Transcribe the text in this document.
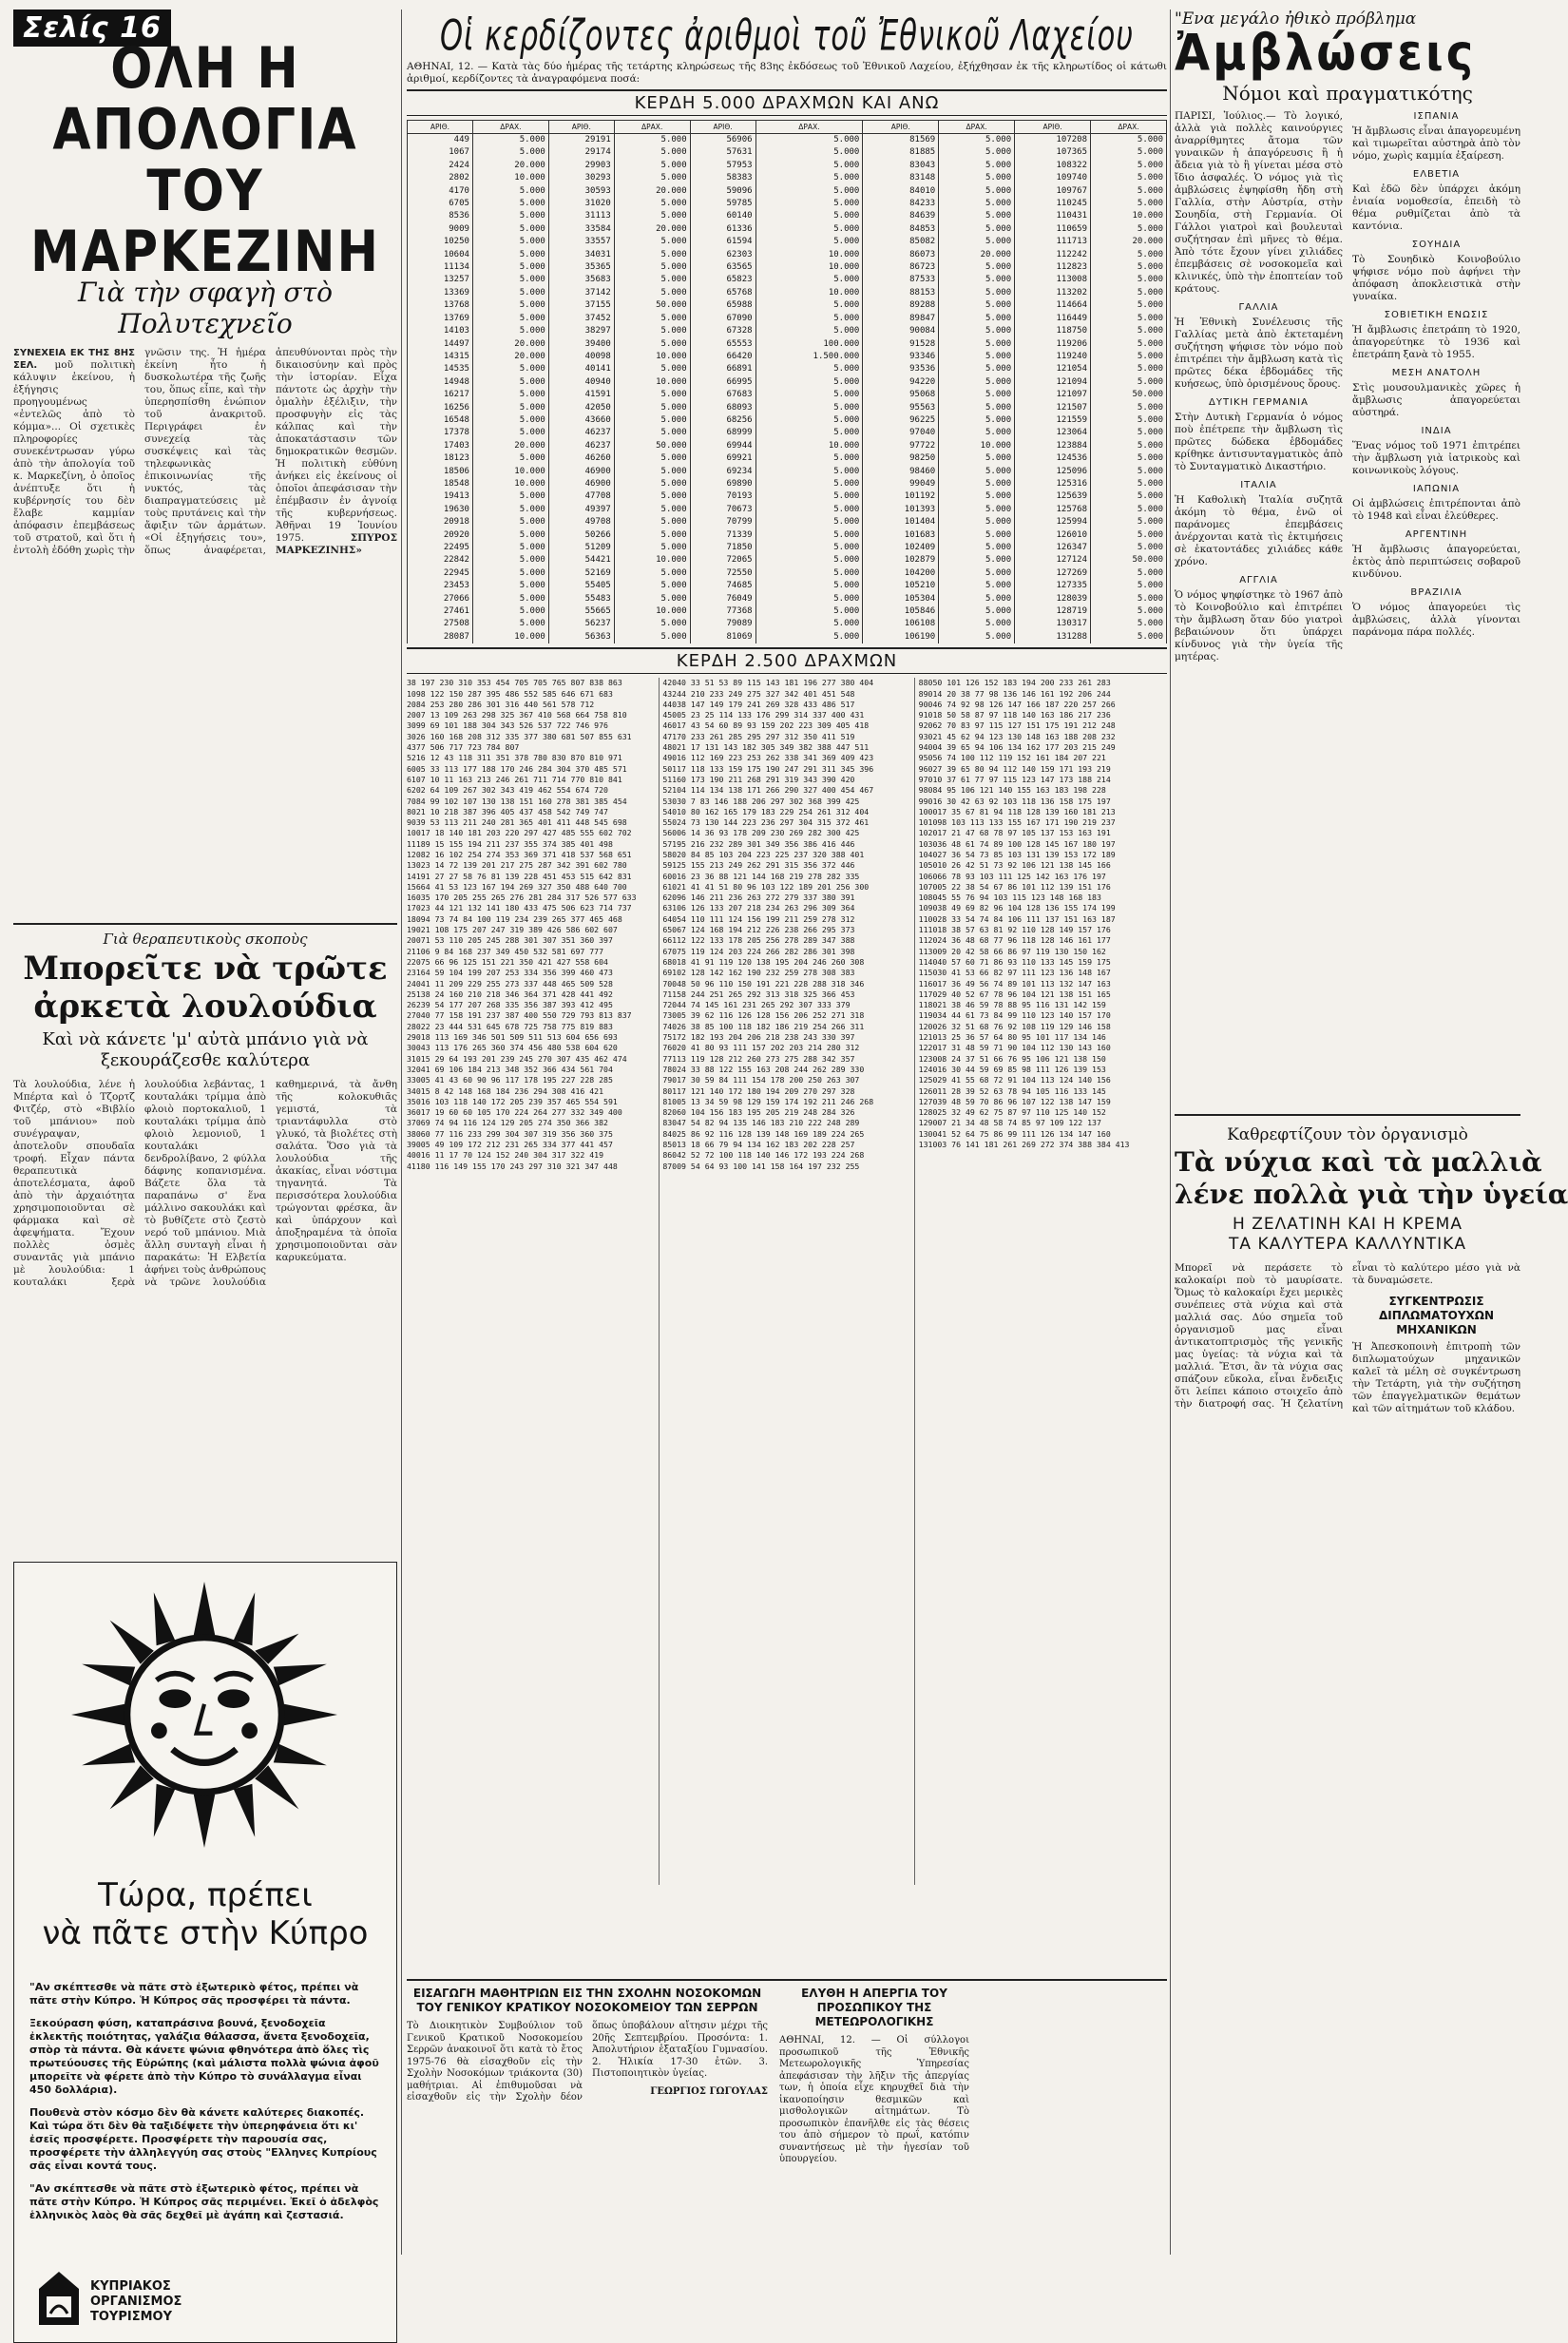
Σελίς 16
ΟΛΗ Η ΑΠΟΛΟΓΙΑ
ΤΟΥ ΜΑΡΚΕΖΙΝΗ
Γιὰ τὴν σφαγὴ στὸ Πολυτεχνεῖο
ΣΥΝΕΧΕΙΑ ΕΚ ΤΗΣ 8ΗΣ ΣΕΛ. μοῦ πολιτικὴ κάλυψιν ἐκείνου, ἡ ἐξήγησις προηγουμένως «ἐντελῶς ἀπὸ τὸ κόμμα»... Οἱ σχετικὲς πληροφορίες συνεκέντρωσαν γύρω ἀπὸ τὴν ἀπολογία τοῦ κ. Μαρκεζίνη, ὁ ὁποῖος ἀνέπτυξε ὅτι ἡ κυβέρνησίς του δὲν ἔλαβε καμμίαν ἀπόφασιν ἐπεμβάσεως τοῦ στρατοῦ, καὶ ὅτι ἡ ἐντολὴ ἐδόθη χωρὶς τὴν γνῶσιν της. Ἡ ἡμέρα ἐκείνη ἦτο ἡ δυσκολωτέρα τῆς ζωῆς του, ὅπως εἶπε, καὶ τὴν ὑπερησπίσθη ἐνώπιον τοῦ ἀνακριτοῦ. Περιγράφει ἐν συνεχείᾳ τὰς συσκέψεις καὶ τὰς τηλεφωνικὰς ἐπικοινωνίας τῆς νυκτός, τὰς διαπραγματεύσεις μὲ τοὺς πρυτάνεις καὶ τὴν ἄφιξιν τῶν ἀρμάτων. «Οἱ ἐξηγήσεις του», ὅπως ἀναφέρεται, ἀπευθύνονται πρὸς τὴν δικαιοσύνην καὶ πρὸς τὴν ἱστορίαν. Εἶχα πάντοτε ὡς ἀρχὴν τὴν ὁμαλὴν ἐξέλιξιν, τὴν προσφυγὴν εἰς τὰς κάλπας καὶ τὴν ἀποκατάστασιν τῶν δημοκρατικῶν θεσμῶν. Ἡ πολιτικὴ εὐθύνη ἀνήκει εἰς ἐκείνους οἱ ὁποῖοι ἀπεφάσισαν τὴν ἐπέμβασιν ἐν ἀγνοίᾳ τῆς κυβερνήσεως. Ἀθῆναι 19 Ἰουνίου 1975.	ΣΠΥΡΟΣ ΜΑΡΚΕΖΙΝΗΣ»
Γιὰ θεραπευτικοὺς σκοποὺς
Μπορεῖτε νὰ τρῶτε
ἀρκετὰ λουλούδια
Καὶ νὰ κάνετε 'μ' αὐτὰ μπάνιο γιὰ νὰ ξεκουράζεσθε καλύτερα
Τὰ λουλούδια, λένε ἡ Μπέρτα καὶ ὁ Τζορτζ Φιτζέρ, στὸ «Βιβλίο τοῦ μπάνιου» ποὺ συνέγραψαν, ἀποτελοῦν σπουδαῖα τροφή. Εἶχαν πάντα θεραπευτικὰ ἀποτελέσματα, ἀφοῦ ἀπὸ τὴν ἀρχαιότητα χρησιμοποιοῦνται σὲ φάρμακα καὶ σὲ ἀφεψήματα. Ἔχουν πολλὲς ὀσμὲς συναντᾶς γιὰ μπάνιο μὲ λουλούδια: 1 κουταλάκι ξερὰ λουλούδια λεβάντας, 1 κουταλάκι τρίμμα ἀπὸ φλοιὸ πορτοκαλιοῦ, 1 κουταλάκι τρίμμα ἀπὸ φλοιὸ λεμονιοῦ, 1 κουταλάκι δενδρολίβανο, 2 φύλλα δάφνης κοπανισμένα. Βάζετε ὅλα τὰ παραπάνω σ' ἕνα μάλλινο σακουλάκι καὶ τὸ βυθίζετε στὸ ζεστὸ νερό τοῦ μπάνιου. Μιὰ ἄλλη συνταγὴ εἶναι ἡ παρακάτω: Ἡ Ελβετία ἀφήνει τοὺς ἀνθρώπους νὰ τρῶνε λουλούδια καθημερινά, τὰ ἄνθη τῆς κολοκυθιᾶς γεμιστά, τὰ τριαντάφυλλα στὸ γλυκό, τὰ βιολέτες στὴ σαλάτα. Ὅσο γιὰ τὰ λουλούδια τῆς ἀκακίας, εἶναι νόστιμα τηγανητά. Τὰ περισσότερα λουλούδια τρώγονται φρέσκα, ἂν καὶ ὑπάρχουν καὶ ἀποξηραμένα τὰ ὁποῖα χρησιμοποιοῦνται σὰν καρυκεύματα.
Τώρα, πρέπει
νὰ πᾶτε στὴν Κύπρο

"Αν σκέπτεσθε νὰ πᾶτε στὸ ἐξωτερικὸ φέτος, πρέπει νὰ πᾶτε στὴν Κύπρο. Ἡ Κύπρος σᾶς προσφέρει τὰ πάντα.

Ξεκούραση φύση, καταπράσινα βουνά, ξενοδοχεῖα ἐκλεκτῆς ποιότητας, γαλάζια θάλασσα, ἄνετα ξενοδοχεῖα, σπὸρ τὰ πάντα. Θὰ κάνετε ψώνια φθηνότερα ἀπὸ ὅλες τὶς πρωτεύουσες τῆς Εὐρώπης (καὶ μάλιστα πολλὰ ψώνια ἀφοῦ μπορεῖτε νὰ φέρετε ἀπὸ τὴν Κύπρο τὸ συνάλλαγμα εἶναι 450 δολλάρια).

Πουθενὰ στὸν κόσμο δὲν θὰ κάνετε καλύτερες διακοπές. Καὶ τώρα ὅτι δὲν θὰ ταξιδέψετε τὴν ὑπερηφάνεια ὅτι κι' ἐσεῖς προσφέρετε. Προσφέρετε τὴν παρουσία σας, προσφέρετε τὴν ἀλληλεγγύη σας στοὺς "Ελληνες Κυπρίους σᾶς εἶναι κοντά τους.

"Αν σκέπτεσθε νὰ πᾶτε στὸ ἐξωτερικὸ φέτος, πρέπει νὰ πᾶτε στὴν Κύπρο. Ἡ Κύπρος σᾶς περιμένει. Ἐκεῖ ὁ ἀδελφὸς ἑλληνικὸς λαὸς θὰ σᾶς δεχθεῖ μὲ ἀγάπη καὶ ζεστασιά.

ΚΥΠΡΙΑΚΟΣ
ΟΡΓΑΝΙΣΜΟΣ
ΤΟΥΡΙΣΜΟΥ
Οἱ κερδίζοντες ἀριθμοὶ τοῦ Ἐθνικοῦ Λαχείου
ΑΘΗΝΑΙ, 12. — Κατὰ τὰς δύο ἡμέρας τῆς τετάρτης κληρώσεως τῆς 83ης ἐκδόσεως τοῦ Ἐθνικοῦ Λαχείου, ἐξήχθησαν ἐκ τῆς κληρωτίδος οἱ κάτωθι ἀριθμοί, κερδίζοντες τὰ ἀναγραφόμενα ποσά:
ΚΕΡΔΗ 5.000 ΔΡΑΧΜΩΝ ΚΑΙ ΑΝΩ
ΑΡΙΘ.	ΔΡΑΧ.	ΑΡΙΘ.	ΔΡΑΧ.	ΑΡΙΘ.	ΔΡΑΧ.	ΑΡΙΘ.	ΔΡΑΧ.	ΑΡΙΘ.	ΔΡΑΧ.
449	5.000	29191	5.000	56906	5.000	81569	5.000	107208	5.000
1067	5.000	29174	5.000	57631	5.000	81885	5.000	107365	5.000
2424	20.000	29903	5.000	57953	5.000	83043	5.000	108322	5.000
2802	10.000	30293	5.000	58383	5.000	83148	5.000	109740	5.000
4170	5.000	30593	20.000	59096	5.000	84010	5.000	109767	5.000
6705	5.000	31020	5.000	59785	5.000	84233	5.000	110245	5.000
8536	5.000	31113	5.000	60140	5.000	84639	5.000	110431	10.000
9009	5.000	33584	20.000	61336	5.000	84853	5.000	110659	5.000
10250	5.000	33557	5.000	61594	5.000	85082	5.000	111713	20.000
10604	5.000	34031	5.000	62303	10.000	86073	20.000	112242	5.000
11134	5.000	35365	5.000	63565	10.000	86723	5.000	112823	5.000
13257	5.000	35683	5.000	65823	5.000	87533	5.000	113008	5.000
13369	5.000	37142	5.000	65768	10.000	88153	5.000	113202	5.000
13768	5.000	37155	50.000	65988	5.000	89288	5.000	114664	5.000
13769	5.000	37452	5.000	67090	5.000	89847	5.000	116449	5.000
14103	5.000	38297	5.000	67328	5.000	90084	5.000	118750	5.000
14497	20.000	39400	5.000	65553	100.000	91528	5.000	119206	5.000
14315	20.000	40098	10.000	66420	1.500.000	93346	5.000	119240	5.000
14535	5.000	40141	5.000	66891	5.000	93536	5.000	121054	5.000
14948	5.000	40940	10.000	66995	5.000	94220	5.000	121094	5.000
16217	5.000	41591	5.000	67683	5.000	95068	5.000	121097	50.000
16256	5.000	42050	5.000	68093	5.000	95563	5.000	121507	5.000
16548	5.000	43660	5.000	68256	5.000	96225	5.000	121559	5.000
17378	5.000	46237	5.000	68999	5.000	97040	5.000	123064	5.000
17403	20.000	46237	50.000	69944	10.000	97722	10.000	123884	5.000
18123	5.000	46260	5.000	69921	5.000	98250	5.000	124536	5.000
18506	10.000	46900	5.000	69234	5.000	98460	5.000	125096	5.000
18548	10.000	46900	5.000	69890	5.000	99049	5.000	125316	5.000
19413	5.000	47708	5.000	70193	5.000	101192	5.000	125639	5.000
19630	5.000	49397	5.000	70673	5.000	101393	5.000	125768	5.000
20918	5.000	49708	5.000	70799	5.000	101404	5.000	125994	5.000
20920	5.000	50266	5.000	71339	5.000	101683	5.000	126010	5.000
22495	5.000	51209	5.000	71850	5.000	102409	5.000	126347	5.000
22842	5.000	54421	10.000	72065	5.000	102879	5.000	127124	50.000
22945	5.000	52169	5.000	72550	5.000	104200	5.000	127269	5.000
23453	5.000	55405	5.000	74685	5.000	105210	5.000	127335	5.000
27066	5.000	55483	5.000	76049	5.000	105304	5.000	128039	5.000
27461	5.000	55665	10.000	77368	5.000	105846	5.000	128719	5.000
27508	5.000	56237	5.000	79089	5.000	106108	5.000	130317	5.000
28087	10.000	56363	5.000	81069	5.000	106190	5.000	131288	5.000
ΚΕΡΔΗ 2.500 ΔΡΑΧΜΩΝ
38 197 230 310 353 454 705 705 765 807 838 863
1098 122 150 287 395 486 552 585 646 671 683
2084 253 280 286 301 316 440 561 578 712
2007 13 109 263 298 325 367 410 568 664 758 810
3099 69 101 188 304 343 526 537 722 746 976
3026 160 168 208 312 335 377 380 681 507 855 631
4377 506 717 723 784 807
5216 12 43 118 311 351 378 780 830 870 810 971
6005 33 113 177 188 170 246 284 304 370 485 571
6107 10 11 163 213 246 261 711 714 770 810 841
6202 64 109 267 302 343 419 462 554 674 720
7084 99 102 107 130 138 151 160 278 381 385 454
8021 10 218 387 396 405 437 458 542 749 747
9039 53 113 211 240 281 365 401 411 448 545 698
10017 18 140 181 203 220 297 427 485 555 602 702
11189 15 155 194 211 237 355 374 385 401 498
12082 16 102 254 274 353 369 371 418 537 568 651
13023 14 72 139 201 217 275 287 342 391 602 780
14191 27 27 58 76 81 139 228 451 453 515 642 831
15664 41 53 123 167 194 269 327 350 488 640 700
16035 170 205 255 265 276 281 284 317 526 577 633
17023 44 121 132 141 180 433 475 506 623 714 737
18094 73 74 84 100 119 234 239 265 377 465 468
19021 108 175 207 247 319 389 426 586 602 607
20071 53 110 205 245 288 301 307 351 360 397
21106 9 84 168 237 349 450 532 581 697 777
22075 66 96 125 151 221 350 421 427 558 604
23164 59 104 199 207 253 334 356 399 460 473
24041 11 209 229 255 273 337 448 465 509 528
25138 24 160 210 218 346 364 371 428 441 492
26239 54 177 207 268 335 356 387 393 412 495
27040 77 158 191 237 387 400 550 729 793 813 837
28022 23 444 531 645 678 725 758 775 819 883
29018 113 169 346 501 509 511 513 604 656 693
30043 113 176 265 360 374 456 480 538 604 620
31015 29 64 193 201 239 245 270 307 435 462 474
32041 69 106 184 213 348 352 366 434 561 704
33005 41 43 60 90 96 117 178 195 227 228 285
34015 8 42 148 168 184 236 294 308 416 421
35016 103 118 140 172 205 239 357 465 554 591
36017 19 60 60 105 170 224 264 277 332 349 400
37069 74 94 116 124 129 205 274 350 366 382
38060 77 116 233 299 304 307 319 356 360 375
39005 49 109 172 212 231 265 334 377 441 457
40016 11 17 70 124 152 240 304 317 322 419
41180 116 149 155 170 243 297 310 321 347 448
42040 33 51 53 89 115 143 181 196 277 380 404
43244 210 233 249 275 327 342 401 451 548
44038 147 149 179 241 269 328 433 486 517
45005 23 25 114 133 176 299 314 337 400 431
46017 43 54 60 89 93 159 202 223 309 405 418
47170 233 261 285 295 297 312 350 411 519
48021 17 131 143 182 305 349 382 388 447 511
49016 112 169 223 253 262 338 341 369 409 423
50117 118 133 159 175 190 247 291 311 345 396
51160 173 190 211 268 291 319 343 390 420
52104 114 134 138 171 266 290 327 400 454 467
53030 7 83 146 188 206 297 302 368 399 425
54010 80 162 165 179 183 229 254 261 312 404
55024 73 130 144 223 236 297 304 315 372 461
56006 14 36 93 178 209 230 269 282 300 425
57195 216 232 289 301 349 356 386 416 446
58020 84 85 103 204 223 225 237 320 388 401
59125 155 213 249 262 291 315 356 372 446
60016 23 36 88 121 144 168 219 278 282 335
61021 41 41 51 80 96 103 122 189 201 256 300
62096 146 211 236 263 272 279 337 380 391
63106 126 133 207 218 234 263 296 309 364
64054 110 111 124 156 199 211 259 278 312
65067 124 168 194 212 226 238 266 295 373
66112 122 133 178 205 256 278 289 347 388
67075 119 124 203 224 266 282 286 301 398
68018 41 91 119 120 138 195 204 246 260 308
69102 128 142 162 190 232 259 278 308 383
70048 50 96 110 150 191 221 228 288 318 346
71158 244 251 265 292 313 318 325 366 453
72044 74 145 161 231 265 292 307 333 379
73005 39 62 116 126 128 156 206 252 271 318
74026 38 85 100 118 182 186 219 254 266 311
75172 182 193 204 206 218 238 243 330 397
76020 41 80 93 111 157 202 203 214 280 312
77113 119 128 212 260 273 275 288 342 357
78024 33 88 122 155 163 208 244 262 289 330
79017 30 59 84 111 154 178 200 250 263 307
80117 121 140 172 180 194 209 270 297 328
81005 13 34 59 98 129 159 174 192 211 246 268
82060 104 156 183 195 205 219 248 284 326
83047 54 82 94 135 146 183 210 222 248 289
84025 86 92 116 128 139 148 169 189 224 265
85013 18 66 79 94 134 162 183 202 228 257
86042 52 72 100 118 140 146 172 193 224 268
87009 54 64 93 100 141 158 164 197 232 255
88050 101 126 152 183 194 200 233 261 283
89014 20 38 77 98 136 146 161 192 206 244
90046 74 92 98 126 147 166 187 220 257 266
91018 50 58 87 97 118 140 163 186 217 236
92062 70 83 97 115 127 151 175 191 212 248
93021 45 62 94 123 130 148 163 188 208 232
94004 39 65 94 106 134 162 177 203 215 249
95056 74 100 112 119 152 161 184 207 221
96027 39 65 80 94 112 140 159 171 193 219
97010 37 61 77 97 115 123 147 173 188 214
98084 95 106 121 140 155 163 183 198 228
99016 30 42 63 92 103 118 136 158 175 197
100017 35 67 81 94 118 128 139 160 181 213
101098 103 113 133 155 167 171 190 219 237
102017 21 47 68 78 97 105 137 153 163 191
103036 48 61 74 89 100 128 145 167 180 197
104027 36 54 73 85 103 131 139 153 172 189
105010 26 42 51 73 92 106 121 138 145 166
106066 78 93 103 111 125 142 163 176 197
107005 22 38 54 67 86 101 112 139 151 176
108045 55 76 94 103 115 123 148 168 183
109038 49 69 82 96 104 128 136 155 174 199
110028 33 54 74 84 106 111 137 151 163 187
111018 38 57 63 81 92 110 128 149 157 176
112024 36 48 68 77 96 118 128 146 161 177
113009 20 42 58 66 86 97 119 130 150 162
114040 57 60 71 86 93 110 133 145 159 175
115030 41 53 66 82 97 111 123 136 148 167
116017 36 49 56 74 89 101 113 132 147 163
117029 40 52 67 78 96 104 121 138 151 165
118021 38 46 59 78 88 95 116 131 142 159
119034 44 61 73 84 99 110 123 140 157 170
120026 32 51 68 76 92 108 119 129 146 158
121013 25 36 57 64 80 95 101 117 134 146
122017 31 48 59 71 90 104 112 130 143 160
123008 24 37 51 66 76 95 106 121 138 150
124016 30 44 59 69 85 98 111 126 139 153
125029 41 55 68 72 91 104 113 124 140 156
126011 28 39 52 63 78 94 105 116 133 145
127039 48 59 70 86 96 107 122 138 147 159
128025 32 49 62 75 87 97 110 125 140 152
129007 21 34 48 58 74 85 97 109 122 137
130041 52 64 75 86 99 111 126 134 147 160
131003 76 141 181 261 269 272 374 388 384 413
ΕΙΣΑΓΩΓΗ ΜΑΘΗΤΡΙΩΝ ΕΙΣ ΤΗΝ ΣΧΟΛΗΝ ΝΟΣΟΚΟΜΩΝ ΤΟΥ ΓΕΝΙΚΟΥ ΚΡΑΤΙΚΟΥ ΝΟΣΟΚΟΜΕΙΟΥ ΤΩΝ ΣΕΡΡΩΝ
Τὸ Διοικητικὸν Συμβούλιον τοῦ Γενικοῦ Κρατικοῦ Νοσοκομείου Σερρῶν ἀνακοινοῖ ὅτι κατὰ τὸ ἔτος 1975-76 θὰ εἰσαχθοῦν εἰς τὴν Σχολὴν Νοσοκόμων τριάκοντα (30) μαθήτριαι. Αἱ ἐπιθυμοῦσαι νὰ εἰσαχθοῦν εἰς τὴν Σχολὴν δέον ὅπως ὑποβάλουν αἴτησιν μέχρι τῆς 20ῆς Σεπτεμβρίου. Προσόντα: 1. Ἀπολυτήριον ἑξαταξίου Γυμνασίου. 2. Ἡλικία 17-30 ἐτῶν. 3. Πιστοποιητικὸν ὑγείας.
ΓΕΩΡΓΙΟΣ ΓΩΓΟΥΛΑΣ
ΕΛΥΘΗ Η ΑΠΕΡΓΙΑ ΤΟΥ ΠΡΟΣΩΠΙΚΟΥ ΤΗΣ ΜΕΤΕΩΡΟΛΟΓΙΚΗΣ
ΑΘΗΝΑΙ, 12. — Οἱ σύλλογοι προσωπικοῦ τῆς Ἐθνικῆς Μετεωρολογικῆς Ὑπηρεσίας ἀπεφάσισαν τὴν λῆξιν τῆς ἀπεργίας των, ἡ ὁποία εἶχε κηρυχθεῖ διὰ τὴν ἱκανοποίησιν θεσμικῶν καὶ μισθολογικῶν αἰτημάτων. Τὸ προσωπικὸν ἐπανῆλθε εἰς τὰς θέσεις του ἀπὸ σήμερον τὸ πρωΐ, κατόπιν συναντήσεως μὲ τὴν ἡγεσίαν τοῦ ὑπουργείου.
"Ενα μεγάλο ἠθικὸ πρόβλημα
Ἀμβλώσεις
Νόμοι καὶ πραγματικότης
ΠΑΡΙΣΙ, Ἰούλιος.— Τὸ λογικό, ἀλλὰ γιὰ πολλὲς καινούργιες ἀναρρίθμητες ἄτομα τῶν γυναικῶν ἡ ἀπαγόρευσις ἢ ἡ ἄδεια γιὰ τὸ ἢ γίνεται μέσα στὸ ἴδιο ἀσφαλές. Ὁ νόμος γιὰ τὶς ἀμβλώσεις ἐψηφίσθη ἤδη στὴ Γαλλία, στὴν Αὐστρία, στὴν Σουηδία, στὴ Γερμανία. Οἱ Γάλλοι γιατροὶ καὶ βουλευταὶ συζήτησαν ἐπὶ μῆνες τὸ θέμα. Ἀπὸ τότε ἔχουν γίνει χιλιάδες ἐπεμβάσεις σὲ νοσοκομεῖα καὶ κλινικές, ὑπὸ τὴν ἐποπτείαν τοῦ κράτους.
ΓΑΛΛΙΑ
Ἡ Ἐθνικὴ Συνέλευσις τῆς Γαλλίας μετὰ ἀπὸ ἐκτεταμένη συζήτηση ψήφισε τὸν νόμο ποὺ ἐπιτρέπει τὴν ἄμβλωση κατὰ τὶς πρῶτες δέκα ἑβδομάδες τῆς κυήσεως, ὑπὸ ὁρισμένους ὅρους.
ΔΥΤΙΚΗ ΓΕΡΜΑΝΙΑ
Στὴν Δυτικὴ Γερμανία ὁ νόμος ποὺ ἐπέτρεπε τὴν ἄμβλωση τὶς πρῶτες δώδεκα ἑβδομάδες κρίθηκε ἀντισυνταγματικὸς ἀπὸ τὸ Συνταγματικὸ Δικαστήριο.
ΙΤΑΛΙΑ
Ἡ Καθολικὴ Ἰταλία συζητᾶ ἀκόμη τὸ θέμα, ἐνῶ οἱ παράνομες ἐπεμβάσεις ἀνέρχονται κατὰ τὶς ἐκτιμήσεις σὲ ἑκατοντάδες χιλιάδες κάθε χρόνο.
ΑΓΓΛΙΑ
Ὁ νόμος ψηφίστηκε τὸ 1967 ἀπὸ τὸ Κοινοβούλιο καὶ ἐπιτρέπει τὴν ἄμβλωση ὅταν δύο γιατροὶ βεβαιώνουν ὅτι ὑπάρχει κίνδυνος γιὰ τὴν ὑγεία τῆς μητέρας.
ΙΣΠΑΝΙΑ
Ἡ ἄμβλωσις εἶναι ἀπαγορευμένη καὶ τιμωρεῖται αὐστηρὰ ἀπὸ τὸν νόμο, χωρὶς καμμία ἐξαίρεση.
ΕΛΒΕΤΙΑ
Καὶ ἐδῶ δὲν ὑπάρχει ἀκόμη ἐνιαία νομοθεσία, ἐπειδὴ τὸ θέμα ρυθμίζεται ἀπὸ τὰ καντόνια.
ΣΟΥΗΔΙΑ
Τὸ Σουηδικὸ Κοινοβούλιο ψήφισε νόμο ποὺ ἀφήνει τὴν ἀπόφαση ἀποκλειστικὰ στὴν γυναίκα.
ΣΟΒΙΕΤΙΚΗ ΕΝΩΣΙΣ
Ἡ ἄμβλωσις ἐπετράπη τὸ 1920, ἀπαγορεύτηκε τὸ 1936 καὶ ἐπετράπη ξανὰ τὸ 1955.
ΜΕΣΗ ΑΝΑΤΟΛΗ
Στὶς μουσουλμανικὲς χῶρες ἡ ἄμβλωσις ἀπαγορεύεται αὐστηρά.
ΙΝΔΙΑ
Ἕνας νόμος τοῦ 1971 ἐπιτρέπει τὴν ἄμβλωση γιὰ ἰατρικοὺς καὶ κοινωνικοὺς λόγους.
ΙΑΠΩΝΙΑ
Οἱ ἀμβλώσεις ἐπιτρέπονται ἀπὸ τὸ 1948 καὶ εἶναι ἐλεύθερες.
ΑΡΓΕΝΤΙΝΗ
Ἡ ἄμβλωσις ἀπαγορεύεται, ἐκτὸς ἀπὸ περιπτώσεις σοβαροῦ κινδύνου.
ΒΡΑΖΙΛΙΑ
Ὁ νόμος ἀπαγορεύει τὶς ἀμβλώσεις, ἀλλὰ γίνονται παράνομα πάρα πολλές.
Καθρεφτίζουν τὸν ὀργανισμὸ
Τὰ νύχια καὶ τὰ μαλλιὰ
λένε πολλὰ γιὰ τὴν ὑγεία
Η ΖΕΛΑΤΙΝΗ ΚΑΙ Η ΚΡΕΜΑ
ΤΑ ΚΑΛΥΤΕΡΑ ΚΑΛΛΥΝΤΙΚΑ
Μπορεῖ νὰ περάσετε τὸ καλοκαίρι ποὺ τὸ μαυρίσατε. Ὅμως τὸ καλοκαίρι ἔχει μερικὲς συνέπειες στὰ νύχια καὶ στὰ μαλλιά σας. Δύο σημεῖα τοῦ ὀργανισμοῦ μας εἶναι ἀντικατοπτρισμὸς τῆς γενικῆς μας ὑγείας: τὰ νύχια καὶ τὰ μαλλιά. Ἔτσι, ἂν τὰ νύχια σας σπάζουν εὔκολα, εἶναι ἔνδειξις ὅτι λείπει κάποιο στοιχεῖο ἀπὸ τὴν διατροφή σας. Ἡ ζελατίνη εἶναι τὸ καλύτερο μέσο γιὰ νὰ τὰ δυναμώσετε.
ΣΥΓΚΕΝΤΡΩΣΙΣ ΔΙΠΛΩΜΑΤΟΥΧΩΝ ΜΗΧΑΝΙΚΩΝ
Ἡ Ἀπεσκοποινὴ ἐπιτροπὴ τῶν διπλωματούχων μηχανικῶν καλεῖ τὰ μέλη σὲ συγκέντρωση τὴν Τετάρτη, γιὰ τὴν συζήτηση τῶν ἐπαγγελματικῶν θεμάτων καὶ τῶν αἰτημάτων τοῦ κλάδου.
